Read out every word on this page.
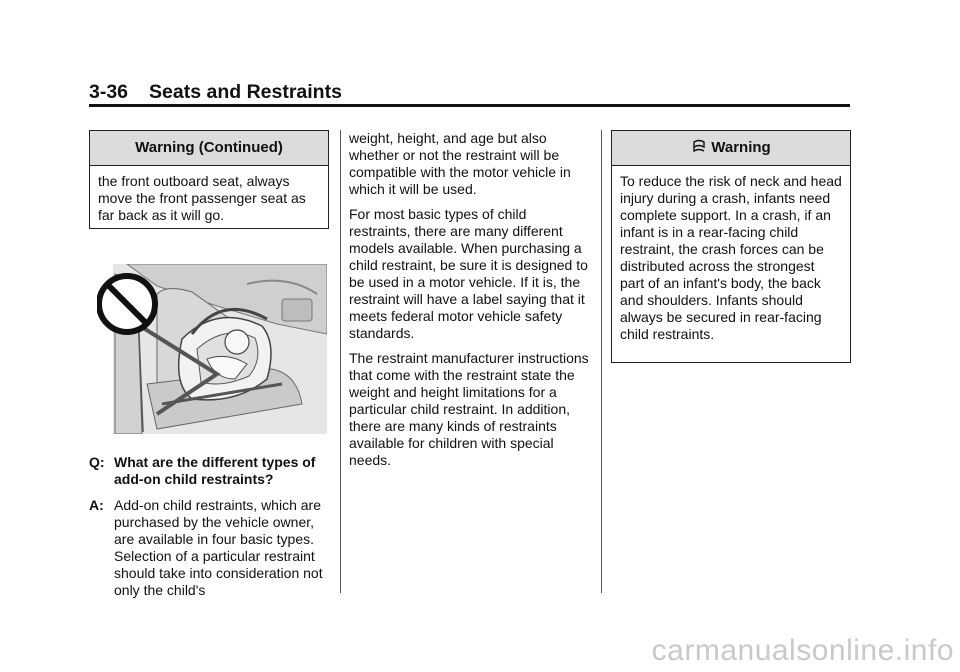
3-36 Seats and Restraints
Warning (Continued)

the front outboard seat, always move the front passenger seat as far back as it will go.

Q: What are the different types of add-on child restraints?
A: Add-on child restraints, which are purchased by the vehicle owner, are available in four basic types. Selection of a particular restraint should take into consideration not only the child's

weight, height, and age but also whether or not the restraint will be compatible with the motor vehicle in which it will be used.

For most basic types of child restraints, there are many different models available. When purchasing a child restraint, be sure it is designed to be used in a motor vehicle. If it is, the restraint will have a label saying that it meets federal motor vehicle safety standards.

The restraint manufacturer instructions that come with the restraint state the weight and height limitations for a particular child restraint. In addition, there are many kinds of restraints available for children with special needs.

Warning

To reduce the risk of neck and head injury during a crash, infants need complete support. In a crash, if an infant is in a rear-facing child restraint, the crash forces can be distributed across the strongest part of an infant's body, the back and shoulders. Infants should always be secured in rear-facing child restraints.

carmanualsonline.info
